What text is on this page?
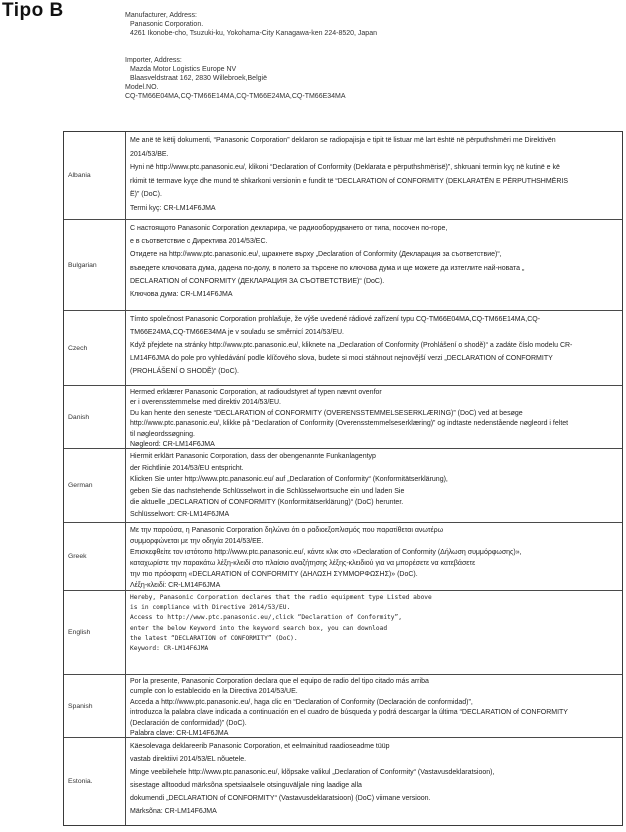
Tipo B	Manufacturer, Address:
Panasonic Corporation.
4261 Ikonobe-cho, Tsuzuki-ku, Yokohama-City Kanagawa-ken 224-8520, Japan
Importer, Address:
Mazda Motor Logistics Europe NV
Blaasveldstraat 162, 2830 Willebroek,België
Model.NO.
CQ-TM66E04MA,CQ-TM66E14MA,CQ-TM66E24MA,CQ-TM66E34MA
Albania
Me anë të këtij dokumenti, “Panasonic Corporation” deklaron se radiopajisja e tipit të listuar më lart është në përputhshmëri me Direktivën
2014/53/BE.
Hyni në http://www.ptc.panasonic.eu/, klikoni “Declaration of Conformity (Deklarata e përputhshmërisë)”, shkruani termin kyç në kutinë e kë
rkimit të termave kyçe dhe mund të shkarkoni versionin e fundit të “DECLARATION of CONFORMITY (DEKLARATËN E PËRPUTHSHMËRIS
Ë)” (DoC).
Termi kyç: CR-LM14F6JMA
Bulgarian
С настоящото Panasonic Corporation декларира, че радиооборудването от типа, посочен по-горе,
е в съответствие с Директива 2014/53/ЕС.
Отидете на http://www.ptc.panasonic.eu/, щракнете върху „Declaration of Conformity (Декларация за съответствие)“,
въведете ключовата дума, дадена по-долу, в полето за търсене по ключова дума и ще можете да изтеглите най-новата „
DECLARATION of CONFORMITY (ДЕКЛАРАЦИЯ ЗА СЪОТВЕТСТВИЕ)“ (DoC).
Ключова дума: CR-LM14F6JMA
Czech
Tímto společnost Panasonic Corporation prohlašuje, že výše uvedené rádiové zařízení typu CQ-TM66E04MA,CQ-TM66E14MA,CQ-
TM66E24MA,CQ-TM66E34MA je v souladu se směrnicí 2014/53/EU.
Když přejdete na stránky http://www.ptc.panasonic.eu/, kliknete na „Declaration of Conformity (Prohlášení o shodě)“ a zadáte číslo modelu CR-
LM14F6JMA do pole pro vyhledávání podle klíčového slova, budete si moci stáhnout nejnovější verzi „DECLARATION of CONFORMITY
(PROHLÁŠENÍ O SHODĚ)“ (DoC).
Danish
Hermed erklærer Panasonic Corporation, at radioudstyret af typen nævnt ovenfor
er i overensstemmelse med direktiv 2014/53/EU.
Du kan hente den seneste “DECLARATION of CONFORMITY (OVERENSSTEMMELSESERKLÆRING)” (DoC) ved at besøge
http://www.ptc.panasonic.eu/, klikke på “Declaration of Conformity (Overensstemmelseserklæring)” og indtaste nedenstående nøgleord i feltet
til nøgleordssøgning.
Nøgleord: CR-LM14F6JMA
German
Hiermit erklärt Panasonic Corporation, dass der obengenannte Funkanlagentyp
der Richtlinie 2014/53/EU entspricht.
Klicken Sie unter http://www.ptc.panasonic.eu/ auf „Declaration of Conformity“ (Konformitätserklärung),
geben Sie das nachstehende Schlüsselwort in die Schlüsselwortsuche ein und laden Sie
die aktuelle „DECLARATION of CONFORMITY (Konformitätserklärung)“ (DoC) herunter.
Schlüsselwort: CR-LM14F6JMA
Greek
Με την παρούσα, η Panasonic Corporation δηλώνει ότι ο ραδιοεξοπλισμός που παρατίθεται ανωτέρω
συμμορφώνεται με την οδηγία 2014/53/ΕΕ.
Επισκεφθείτε τον ιστότοπο http://www.ptc.panasonic.eu/, κάντε κλικ στο «Declaration of Conformity (Δήλωση συμμόρφωσης)»,
καταχωρίστε την παρακάτω λέξη-κλειδί στο πλαίσιο αναζήτησης λέξης-κλειδιού για να μπορέσετε να κατεβάσετε
την πιο πρόσφατη «DECLARATION of CONFORMITY (ΔΗΛΩΣΗ ΣΥΜΜΟΡΦΩΣΗΣ)» (DoC).
Λέξη-κλειδί: CR-LM14F6JMA
English
Hereby, Panasonic Corporation declares that the radio equipment type Listed above
is in compliance with Directive 2014/53/EU.
Access to http://www.ptc.panasonic.eu/,click “Declaration of Conformity”,
enter the below Keyword into the keyword search box, you can download
the latest “DECLARATION of CONFORMITY” (DoC).
Keyword: CR-LM14F6JMA
Spanish
Por la presente, Panasonic Corporation declara que el equipo de radio del tipo citado más arriba
cumple con lo establecido en la Directiva 2014/53/UE.
Acceda a http://www.ptc.panasonic.eu/, haga clic en “Declaration of Conformity (Declaración de conformidad)”,
introduzca la palabra clave indicada a continuación en el cuadro de búsqueda y podrá descargar la última “DECLARATION of CONFORMITY
(Declaración de conformidad)” (DoC).
Palabra clave: CR-LM14F6JMA
Estonia.
Käesolevaga deklareerib Panasonic Corporation, et eelmainitud raadioseadme tüüp
vastab direktiivi 2014/53/EL nõuetele.
Minge veebilehele http://www.ptc.panasonic.eu/, klõpsake valikul „Declaration of Conformity“ (Vastavusdeklaratsioon),
sisestage alltoodud märksõna spetsiaalsele otsinguväljale ning laadige alla
dokumendi „DECLARATION of CONFORMITY“ (Vastavusdeklaratsioon) (DoC) viimane versioon.
Märksõna: CR-LM14F6JMA
